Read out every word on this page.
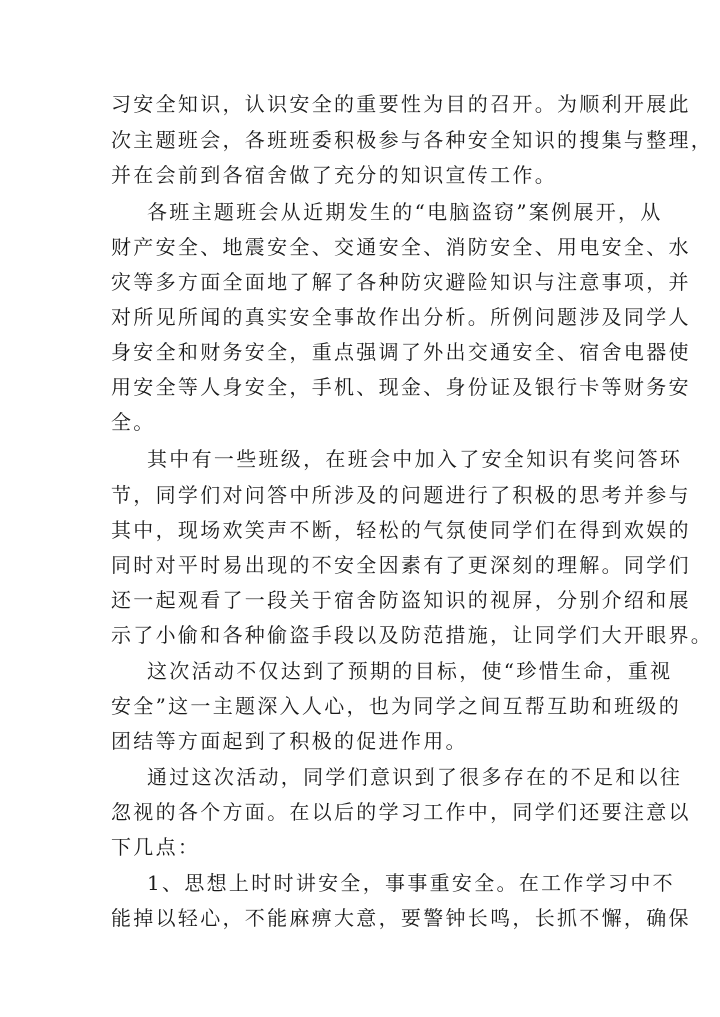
习安全知识，认识安全的重要性为目的召开。为顺利开展此
次主题班会，各班班委积极参与各种安全知识的搜集与整理，
并在会前到各宿舍做了充分的知识宣传工作。
各班主题班会从近期发生的“电脑盗窃”案例展开，从
财产安全、地震安全、交通安全、消防安全、用电安全、水
灾等多方面全面地了解了各种防灾避险知识与注意事项，并
对所见所闻的真实安全事故作出分析。所例问题涉及同学人
身安全和财务安全，重点强调了外出交通安全、宿舍电器使
用安全等人身安全，手机、现金、身份证及银行卡等财务安
全。
其中有一些班级，在班会中加入了安全知识有奖问答环
节，同学们对问答中所涉及的问题进行了积极的思考并参与
其中，现场欢笑声不断，轻松的气氛使同学们在得到欢娱的
同时对平时易出现的不安全因素有了更深刻的理解。同学们
还一起观看了一段关于宿舍防盗知识的视屏，分别介绍和展
示了小偷和各种偷盗手段以及防范措施，让同学们大开眼界。
这次活动不仅达到了预期的目标，使“珍惜生命，重视
安全”这一主题深入人心，也为同学之间互帮互助和班级的
团结等方面起到了积极的促进作用。
通过这次活动，同学们意识到了很多存在的不足和以往
忽视的各个方面。在以后的学习工作中，同学们还要注意以
下几点：
1、思想上时时讲安全，事事重安全。在工作学习中不
能掉以轻心，不能麻痹大意，要警钟长鸣，长抓不懈，确保
